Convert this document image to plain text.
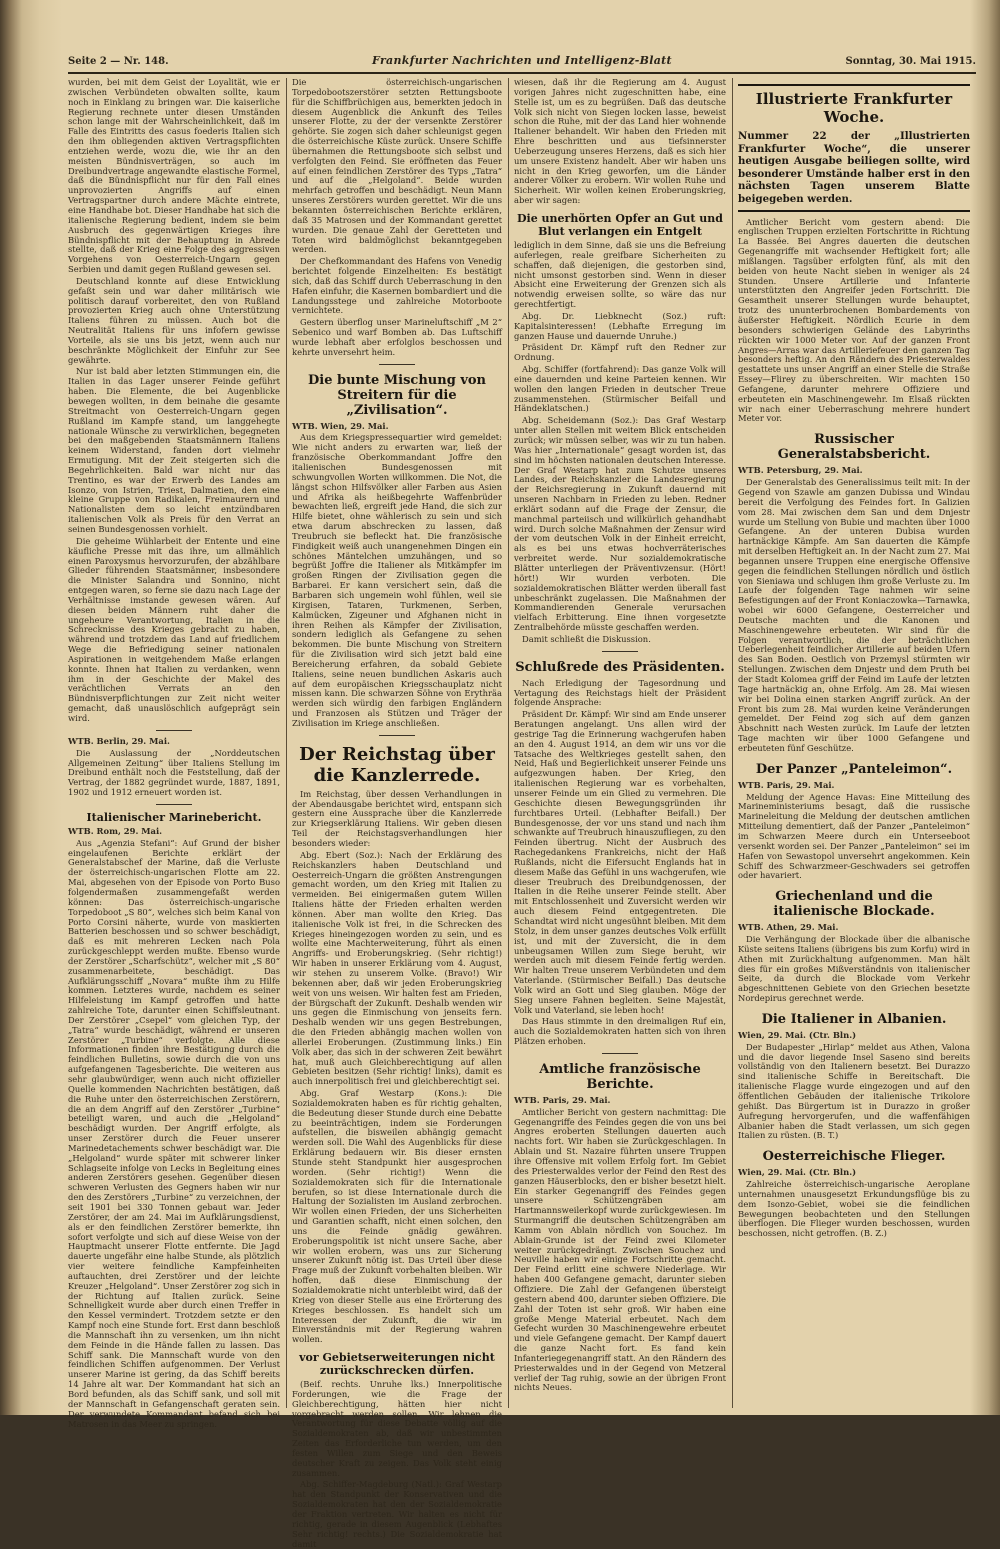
Seite 2 — Nr. 148.	Frankfurter Nachrichten und Intelligenz-Blatt	Sonntag, 30. Mai 1915.

wurden, bei mit dem Geist der Loyalität, wie er zwischen Verbündeten obwalten sollte, kaum noch in Einklang zu bringen war. Die kaiserliche Regierung rechnete unter diesen Umständen schon lange mit der Wahrscheinlichkeit, daß im Falle des Eintritts des casus foederis Italien sich den ihm obliegenden aktiven Vertragspflichten entziehen werde, wozu die, wie ihr an den meisten Bündnisverträgen, so auch im Dreibundvertrage angewandte elastische Formel, daß die Bündnispflicht nur für den Fall eines unprovozierten Angriffs auf einen Vertragspartner durch andere Mächte eintrete, eine Handhabe bot. Dieser Handhabe hat sich die italienische Regierung bedient, indem sie beim Ausbruch des gegenwärtigen Krieges ihre Bündnispflicht mit der Behauptung in Abrede stellte, daß der Krieg eine Folge des aggressiven Vorgehens von Oesterreich-Ungarn gegen Serbien und damit gegen Rußland gewesen sei.

Deutschland konnte auf diese Entwicklung gefaßt sein und war daher militärisch wie politisch darauf vorbereitet, den von Rußland provozierten Krieg auch ohne Unterstützung Italiens führen zu müssen. Auch bot die Neutralität Italiens für uns infofern gewisse Vorteile, als sie uns bis jetzt, wenn auch nur beschränkte Möglichkeit der Einfuhr zur See gewährte.

Nur ist bald aber letzten Stimmungen ein, die Italien in das Lager unserer Feinde geführt haben. Die Elemente, die bei Augenblicke bewegen wollten, in dem beinahe die gesamte Streitmacht von Oesterreich-Ungarn gegen Rußland im Kampfe stand, um langgehegte nationale Wünsche zu verwirklichen, begegneten bei den maßgebenden Staatsmännern Italiens keinem Widerstand, fanden dort vielmehr Ermutigung. Mit der Zeit steigerten sich die Begehrlichkeiten. Bald war nicht nur das Trentino, es war der Erwerb des Landes am Isonzo, von Istrien, Triest, Dalmatien, den eine kleine Gruppe von Radikalen, Freimaurern und Nationalisten dem so leicht entzündbaren italienischen Volk als Preis für den Verrat an seinen Bundesgenossen vorhielt.

Die geheime Wühlarbeit der Entente und eine käufliche Presse mit das ihre, um allmählich einen Paroxysmus hervorzurufen, der abzählbare Glieder führenden Staatsmänner, insbesondere die Minister Salandra und Sonnino, nicht entgegen waren, so ferne sie dazu nach Lage der Verhältnisse imstande gewesen wären. Auf diesen beiden Männern ruht daher die ungeheure Verantwortung, Italien in die Schrecknisse des Krieges gebracht zu haben, während und trotzdem das Land auf friedlichem Wege die Befriedigung seiner nationalen Aspirationen in weitgehendem Maße erlangen konnte. Ihnen hat Italien zu verdanken, wenn ihm in der Geschichte der Makel des verächtlichen Verrats an den Bündnisverpflichtungen zur Zeit nicht weiter gemacht, daß unauslöschlich aufgeprägt sein wird.

WTB. Berlin, 29. Mai.

Die Auslassung der „Norddeutschen Allgemeinen Zeitung“ über Italiens Stellung im Dreibund enthält noch die Feststellung, daß der Vertrag, der 1882 gegründet wurde, 1887, 1891, 1902 und 1912 erneuert worden ist.

Italienischer Marinebericht.

WTB. Rom, 29. Mai.

Aus „Agenzia Stefani“: Auf Grund der bisher eingelaufenen Berichte erklärt der Generalstabschef der Marine, daß die Verluste der österreichisch-ungarischen Flotte am 22. Mai, abgesehen von der Episode von Porto Buso folgendermaßen zusammengefaßt werden können: Das österreichisch-ungarische Torpedoboot „S 80“, welches sich beim Kanal von Porto Corsini näherte, wurde von maskierten Batterien beschossen und so schwer beschädigt, daß es mit mehreren Lecken nach Pola zurückgeschleppt werden mußte. Ebenso wurde der Zerstörer „Scharfschütz“, welcher mit „S 80“ zusammenarbeitete, beschädigt. Das Aufklärungsschiff „Novara“ mußte ihm zu Hilfe kommen. Letzteres wurde, nachdem es seiner Hilfeleistung im Kampf getroffen und hatte zahlreiche Tote, darunter einen Schiffsleutnant. Der Zerstörer „Csepel“ vom gleichen Typ, der „Tatra“ wurde beschädigt, während er unseren Zerstörer „Turbine“ verfolgte. Alle diese Informationen finden ihre Bestätigung durch die feindlichen Bulletins, sowie durch die von uns aufgefangenen Tagesberichte. Die weiteren aus sehr glaubwürdiger, wenn auch nicht offizieller Quelle kommenden Nachrichten bestätigen, daß die Ruhe unter den österreichischen Zerstörern, die an dem Angriff auf den Zerstörer „Turbine“ beteiligt waren, und auch die „Helgoland“ beschädigt wurden. Der Angriff erfolgte, als unser Zerstörer durch die Feuer unserer Marinedetachements schwer beschädigt war. Die „Helgoland“ wurde später mit schwerer linker Schlagseite infolge von Lecks in Begleitung eines anderen Zerstörers gesehen. Gegenüber diesen schweren Verlusten des Gegners haben wir nur den des Zerstörers „Turbine“ zu verzeichnen, der seit 1901 bei 330 Tonnen gebaut war. Jeder Zerstörer, der am 24. Mai im Aufklärungsdienst, als er den feindlichen Zerstörer bemerkte, ihn sofort verfolgte und sich auf diese Weise von der Hauptmacht unserer Flotte entfernte. Die Jagd dauerte ungefähr eine halbe Stunde, als plötzlich vier weitere feindliche Kampfeinheiten auftauchten, drei Zerstörer und der leichte Kreuzer „Helgoland“. Unser Zerstörer zog sich in der Richtung auf Italien zurück. Seine Schnelligkeit wurde aber durch einen Treffer in den Kessel vermindert. Trotzdem setzte er den Kampf noch eine Stunde fort. Erst dann beschloß die Mannschaft ihn zu versenken, um ihn nicht dem Feinde in die Hände fallen zu lassen. Das Schiff sank. Die Mannschaft wurde von den feindlichen Schiffen aufgenommen. Der Verlust unserer Marine ist gering, da das Schiff bereits 14 Jahre alt war. Der Kommandant hat sich an Bord befunden, als das Schiff sank, und soll mit der Mannschaft in Gefangenschaft geraten sein. Der verwundete Kommandant befand sich bei Matrosen in das Meer zu springen.

Die österreichisch-ungarischen Torpedobootszerstörer setzten Rettungsboote für die Schiffbrüchigen aus, bemerkten jedoch in diesem Augenblick die Ankunft des Teiles unserer Flotte, zu der der versenkte Zerstörer gehörte. Sie zogen sich daher schleunigst gegen die österreichische Küste zurück. Unsere Schiffe übernahmen die Rettungsboote sich selbst und verfolgten den Feind. Sie eröffneten das Feuer auf einen feindlichen Zerstörer des Typs „Tatra“ und auf die „Helgoland“. Beide wurden mehrfach getroffen und beschädigt. Neun Mann unseres Zerstörers wurden gerettet. Wir die uns bekannten österreichischen Berichte erklären, daß 35 Matrosen und der Kommandant gerettet wurden. Die genaue Zahl der Geretteten und Toten wird baldmöglichst bekanntgegeben werden.

Der Chefkommandant des Hafens von Venedig berichtet folgende Einzelheiten: Es bestätigt sich, daß das Schiff durch Ueberraschung in den Hafen einfuhr, die Kasernen bombardiert und die Landungsstege und zahlreiche Motorboote vernichtete.

Gestern überflog unser Marineluftschiff „M 2“ Sebenico und warf Bomben ab. Das Luftschiff wurde lebhaft aber erfolglos beschossen und kehrte unversehrt heim.

Die bunte Mischung von Streitern für die „Zivilisation“.

WTB. Wien, 29. Mai.

Aus dem Kriegspressequartier wird gemeldet: Wie nicht anders zu erwarten war, ließ der französische Oberkommandant Joffre den italienischen Bundesgenossen mit schwungvollen Worten willkommen. Die Not, die längst schon Hilfsvölker aller Farben aus Asien und Afrika als heißbegehrte Waffenbrüder bewachten ließ, ergreift jede Hand, die sich zur Hilfe bietet, ohne wählerisch zu sein und sich etwa darum abschrecken zu lassen, daß Treubruch sie befleckt hat. Die französische Findigkeit weiß auch unangenehmen Dingen ein schönes Mäntelchen umzuhängen, und so begrüßt Joffre die Italiener als Mitkämpfer im großen Ringen der Zivilisation gegen die Barbarei. Er kann versichert sein, daß die Barbaren sich ungemein wohl fühlen, weil sie Kirgisen, Tataren, Turkmenen, Serben, Kalmücken, Zigeuner und Afghanen nicht in ihren Reihen als Kämpfer der Zivilisation, sondern lediglich als Gefangene zu sehen bekommen. Die bunte Mischung von Streitern für die Zivilisation wird sich jetzt bald eine Bereicherung erfahren, da sobald Gebiete Italiens, seine neuen bundlichen Askaris auch auf dem europäischen Kriegsschauplatz nicht missen kann. Die schwarzen Söhne von Erythräa werden sich würdig den farbigen Engländern und Franzosen als Stützen und Träger der Zivilisation im Kriege anschließen.

Der Reichstag über die Kanzlerrede.

Im Reichstag, über dessen Verhandlungen in der Abendausgabe berichtet wird, entspann sich gestern eine Aussprache über die Kanzlerrede zur Kriegserklärung Italiens. Wir geben diesen Teil der Reichstagsverhandlungen hier besonders wieder:

Abg. Ebert (Soz.): Nach der Erklärung des Reichskanzlers haben Deutschland und Oesterreich-Ungarn die größten Anstrengungen gemacht worden, um den Krieg mit Italien zu vermeiden. Bei einigermaßen gutem Willen Italiens hätte der Frieden erhalten werden können. Aber man wollte den Krieg. Das italienische Volk ist frei, in die Schrecken des Krieges hineingezogen worden zu sein, und es wollte eine Machterweiterung, führt als einen Angriffs- und Eroberungskrieg. (Sehr richtig!) Wir haben in unserer Erklärung vom 4. August, wir stehen zu unserem Volke. (Bravo!) Wir bekennen aber, daß wir jeden Eroberungskrieg weit von uns weisen. Wir halten fest am Frieden, der Bürgschaft der Zukunft. Deshalb wenden wir uns gegen die Einmischung von jenseits fern. Deshalb wenden wir uns gegen Bestrebungen, die den Frieden abhängig machen wollen von allerlei Eroberungen. (Zustimmung links.) Ein Volk aber, das sich in der schweren Zeit bewährt hat, muß auch Gleichberechtigung auf allen Gebieten besitzen (Sehr richtig! links), damit es auch innerpolitisch frei und gleichberechtigt sei.

Abg. Graf Westarp (Kons.): Die Sozialdemokraten haben es für richtig gehalten, die Bedeutung dieser Stunde durch eine Debatte zu beeinträchtigen, indem sie Forderungen aufstellen, die bisweilen abhängig gemacht werden soll. Die Wahl des Augenblicks für diese Erklärung bedauern wir. Bis dieser ernsten Stunde steht Standpunkt hier ausgesprochen worden. (Sehr richtig!) Wenn die Sozialdemokraten sich für die Internationale berufen, so ist diese Internationale durch die Haltung der Sozialisten im Ausland zerbrochen. Wir wollen einen Frieden, der uns Sicherheiten und Garantien schafft, nicht einen solchen, den uns die Feinde gnädig gewähren. Eroberungspolitik ist nicht unsere Sache, aber wir wollen erobern, was uns zur Sicherung unserer Zukunft nötig ist. Das Urteil über diese Frage muß der Zukunft vorbehalten bleiben. Wir hoffen, daß diese Einmischung der Sozialdemokratie nicht unterbleibt wird, daß der Krieg von dieser Stelle aus eine Erörterung des Krieges beschlossen. Es handelt sich um Interessen der Zukunft, die wir im Einverständnis mit der Regierung wahren wollen.

vor Gebietserweiterungen nicht zurückschrecken dürfen.

(Beif. rechts. Unruhe lks.) Innerpolitische Forderungen, wie die Frage der Gleichberechtigung, hätten hier nicht vorgebracht werden sollen. Wir lehnen die Verantwortung für diese Debatte völlig auf die Sozialdemokraten ab, daß wir unbestimmten Zeiten das Erforderliche tun werden, um den festen Willen zum Siege und den Beweis deutscher Kraft zu zeigen. Das Volk steht einig zusammen.

Abg. Schiffer-Magdeburg (Natl.): Graf Westarp hat den Standpunkt der Konservativen und die Sozialdemokraten hat den der Sozialdemokratie der Fraktion vertreten. Wir halten es nicht für richtig, gerade in diesem Augenblick (Lebhaftes Sehr richtig! rechts.) Die Sozialdemokratie hat damit

wiesen, daß ihr die Regierung am 4. August vorigen Jahres nicht zugeschnitten habe, eine Stelle ist, um es zu begrüßen. Daß das deutsche Volk sich nicht von Siegen locken lasse, beweist schon die Ruhe, mit der das Land hier wohnende Italiener behandelt. Wir haben den Frieden mit Ehre beschritten und aus tiefsinnerster Ueberzeugung unseres Herzens, daß es sich hier um unsere Existenz handelt. Aber wir haben uns nicht in den Krieg geworfen, um die Länder anderer Völker zu erobern. Wir wollen Ruhe und Sicherheit. Wir wollen keinen Eroberungskrieg, aber wir sagen:

Die unerhörten Opfer an Gut und Blut verlangen ein Entgelt

lediglich in dem Sinne, daß sie uns die Befreiung auferlegen, reale greifbare Sicherheiten zu schaffen, daß diejenigen, die gestorben sind, nicht umsonst gestorben sind. Wenn in dieser Absicht eine Erweiterung der Grenzen sich als notwendig erweisen sollte, so wäre das nur gerechtfertigt.

Abg. Dr. Liebknecht (Soz.) ruft: Kapitalsinteressen! (Lebhafte Erregung im ganzen Hause und dauernde Unruhe.)

Präsident Dr. Kämpf ruft den Redner zur Ordnung.

Abg. Schiffer (fortfahrend): Das ganze Volk will eine dauernden und keine Parteien kennen. Wir wollen den langen Frieden in deutscher Treue zusammenstehen. (Stürmischer Beifall und Händeklatschen.)

Abg. Scheidemann (Soz.): Das Graf Westarp unter allen Stellen mit weitem Blick entscheiden zurück; wir müssen selber, was wir zu tun haben. Was hier „Internationale“ gesagt worden ist, das sind im höchsten nationalen deutschen Interesse. Der Graf Westarp hat zum Schutze unseres Landes, der Reichskanzler die Landesregierung der Reichsregierung in Zukunft dauernd mit unseren Nachbarn in Frieden zu leben. Redner erklärt sodann auf die Frage der Zensur, die manchmal parteiisch und willkürlich gehandhabt wird. Durch solche Maßnahmen der Zensur wird der vom deutschen Volk in der Einheit erreicht, als es bei uns etwas hochverräterisches verbreitet werde. Nur sozialdemokratische Blätter unterliegen der Präventivzensur. (Hört! hört!) Wir wurden verboten. Die sozialdemokratischen Blätter werden überall fast unbeschränkt zugelassen. Die Maßnahmen der Kommandierenden Generale verursachen vielfach Erbitterung. Eine ihnen vorgesetzte Zentralbehörde müsste geschaffen werden.

Damit schließt die Diskussion.

Schlußrede des Präsidenten.

Nach Erledigung der Tagesordnung und Vertagung des Reichstags hielt der Präsident folgende Ansprache:

Präsident Dr. Kämpf: Wir sind am Ende unserer Beratungen angelangt. Uns allen wird der gestrige Tag die Erinnerung wachgerufen haben an den 4. August 1914, an dem wir uns vor die Tatsache des Weltkrieges gestellt sahen, den Neid, Haß und Begierlichkeit unserer Feinde uns aufgezwungen haben. Der Krieg, den italienischen Regierung war es vorbehalten, unserer Feinde um ein Glied zu vermehren. Die Geschichte diesen Bewegungsgründen ihr furchtbares Urteil. (Lebhafter Beifall.) Der Bundesgenosse, der vor uns stand und nach ihm schwankte auf Treubruch hinauszufliegen, zu den Feinden übertrug. Nicht der Ausbruch des Rachegedankens Frankreichs, nicht der Haß Rußlands, nicht die Eifersucht Englands hat in diesem Maße das Gefühl in uns wachgerufen, wie dieser Treubruch des Dreibundgenossen, der Italien in die Reihe unserer Feinde stellt. Aber mit Entschlossenheit und Zuversicht werden wir auch diesem Feind entgegentreten. Die Schandtat wird nicht ungesühnt bleiben. Mit dem Stolz, in dem unser ganzes deutsches Volk erfüllt ist, und mit der Zuversicht, die in dem unbeugsamen Willen zum Siege beruht, wir werden auch mit diesem Feinde fertig werden. Wir halten Treue unserem Verbündeten und dem Vaterlande. (Stürmischer Beifall.) Das deutsche Volk wird an Gott und Sieg glauben. Möge der Sieg unsere Fahnen begleiten. Seine Majestät, Volk und Vaterland, sie leben hoch!

Das Haus stimmte in den dreimaligen Ruf ein, auch die Sozialdemokraten hatten sich von ihren Plätzen erhoben.

Amtliche französische Berichte.

WTB. Paris, 29. Mai.

Amtlicher Bericht von gestern nachmittag: Die Gegenangriffe des Feindes gegen die von uns bei Angres eroberten Stellungen dauerten auch nachts fort. Wir haben sie Zurückgeschlagen. In Ablain und St. Nazaire führten unsere Truppen ihre Offensive mit vollem Erfolg fort. Im Gebiet des Priesterwaldes verlor der Feind den Rest des ganzen Häuserblocks, den er bisher besetzt hielt. Ein starker Gegenangriff des Feindes gegen unsere Schützengräben am Hartmannsweilerkopf wurde zurückgewiesen. Im Sturmangriff die deutschen Schützengräben am Kamm von Ablain nördlich von Souchez. Im Ablain-Grunde ist der Feind zwei Kilometer weiter zurückgedrängt. Zwischen Souchez und Neuville haben wir einige Fortschritte gemacht. Der Feind erlitt eine schwere Niederlage. Wir haben 400 Gefangene gemacht, darunter sieben Offiziere. Die Zahl der Gefangenen übersteigt gestern abend 400, darunter sieben Offiziere. Die Zahl der Toten ist sehr groß. Wir haben eine große Menge Material erbeutet. Nach dem Gefecht wurden 30 Maschinengewehre erbeutet und viele Gefangene gemacht. Der Kampf dauert die ganze Nacht fort. Es fand kein Infanteriegegenangriff statt. An den Rändern des Priesterwaldes und in der Gegend von Metzeral verlief der Tag ruhig, sowie an der übrigen Front nichts Neues.

Illustrierte Frankfurter Woche.
Nummer 22 der „Illustrierten Frankfurter Woche“, die unserer heutigen Ausgabe beiliegen sollte, wird besonderer Umstände halber erst in den nächsten Tagen unserem Blatte beigegeben werden.

Amtlicher Bericht vom gestern abend: Die englischen Truppen erzielten Fortschritte in Richtung La Bassée. Bei Angres dauerten die deutschen Gegenangriffe mit wachsender Heftigkeit fort; alle mißlangen. Tagsüber erfolgten fünf, als mit den beiden von heute Nacht sieben in weniger als 24 Stunden. Unsere Artillerie und Infanterie unterstützten den Angreifer jeden Fortschritt. Die Gesamtheit unserer Stellungen wurde behauptet, trotz des ununterbrochenen Bombardements von äußerster Heftigkeit. Nördlich Ecurie in dem besonders schwierigen Gelände des Labyrinths rückten wir 1000 Meter vor. Auf der ganzen Front Angres—Arras war das Artilleriefeuer den ganzen Tag besonders heftig. An den Rändern des Priesterwaldes gestattete uns unser Angriff an einer Stelle die Straße Essey—Flirey zu überschreiten. Wir machten 150 Gefangene, darunter mehrere Offiziere und erbeuteten ein Maschinengewehr. Im Elsaß rückten wir nach einer Ueberraschung mehrere hundert Meter vor.

Russischer Generalstabsbericht.

WTB. Petersburg, 29. Mai.

Der Generalstab des Generalissimus teilt mit: In der Gegend von Szawle am ganzen Dubissa und Windau bereit die Verfolgung des Feindes fort. In Galizien vom 28. Mai zwischen dem San und dem Dnjestr wurde um Stellung von Bubie und machten über 1000 Gefangene. An der unteren Dubisa wurden hartnäckige Kämpfe. Am San dauerten die Kämpfe mit derselben Heftigkeit an. In der Nacht zum 27. Mai begannen unsere Truppen eine energische Offensive gegen die feindlichen Stellungen nördlich und östlich von Sieniawa und schlugen ihm große Verluste zu. Im Laufe der folgenden Tage nahmen wir seine Befestigungen auf der Front Koniaczowka—Tarnawka, wobei wir 6000 Gefangene, Oesterreicher und Deutsche machten und die Kanonen und Maschinengewehre erbeuteten. Wir sind für die Folgen verantwortlich, die der beträchtlichen Ueberlegenheit feindlicher Artillerie auf beiden Ufern des San Boden. Oestlich von Przemysl stürmten wir Stellungen. Zwischen dem Dnjestr und dem Pruth bei der Stadt Kolomea griff der Feind im Laufe der letzten Tage hartnäckig an, ohne Erfolg. Am 28. Mai wiesen wir bei Dolina einen starken Angriff zurück. An der Front bis zum 28. Mai wurden keine Veränderungen gemeldet. Der Feind zog sich auf dem ganzen Abschnitt nach Westen zurück. Im Laufe der letzten Tage machten wir über 1000 Gefangene und erbeuteten fünf Geschütze.

Der Panzer „Panteleimon“.

WTB. Paris, 29. Mai.

Meldung der Agence Havas: Eine Mitteilung des Marineministeriums besagt, daß die russische Marineleitung die Meldung der deutschen amtlichen Mitteilung dementiert, daß der Panzer „Panteleimon“ im Schwarzen Meere durch ein Unterseeboot versenkt worden sei. Der Panzer „Panteleimon“ sei im Hafen von Sewastopol unversehrt angekommen. Kein Schiff des Schwarzmeer-Geschwaders sei getroffen oder havariert.

Griechenland und die italienische Blockade.

WTB. Athen, 29. Mai.

Die Verhängung der Blockade über die albanische Küste seitens Italiens (übrigens bis zum Korfu) wird in Athen mit Zurückhaltung aufgenommen. Man hält dies für ein großes Mißverständnis von italienischer Seite, da durch die Blockade vom Verkehr abgeschnittenen Gebiete von den Griechen besetzte Nordepirus gerechnet werde.

Die Italiener in Albanien.

Wien, 29. Mai. (Ctr. Bln.)

Der Budapester „Hirlap“ meldet aus Athen, Valona und die davor liegende Insel Saseno sind bereits vollständig von den Italienern besetzt. Bei Durazzo sind italienische Schiffe in Bereitschaft. Die italienische Flagge wurde eingezogen und auf den öffentlichen Gebäuden der italienische Trikolore gehißt. Das Bürgertum ist in Durazzo in großer Aufregung hervorgerufen, und die waffenfähigen Albanier haben die Stadt verlassen, um sich gegen Italien zu rüsten. (B. T.)

Oesterreichische Flieger.

Wien, 29. Mai. (Ctr. Bln.)

Zahlreiche österreichisch-ungarische Aeroplane unternahmen unausgesetzt Erkundungsflüge bis zu dem Isonzo-Gebiet, wobei sie die feindlichen Bewegungen beobachteten und den Stellungen überflogen. Die Flieger wurden beschossen, wurden beschossen, nicht getroffen. (B. Z.)
